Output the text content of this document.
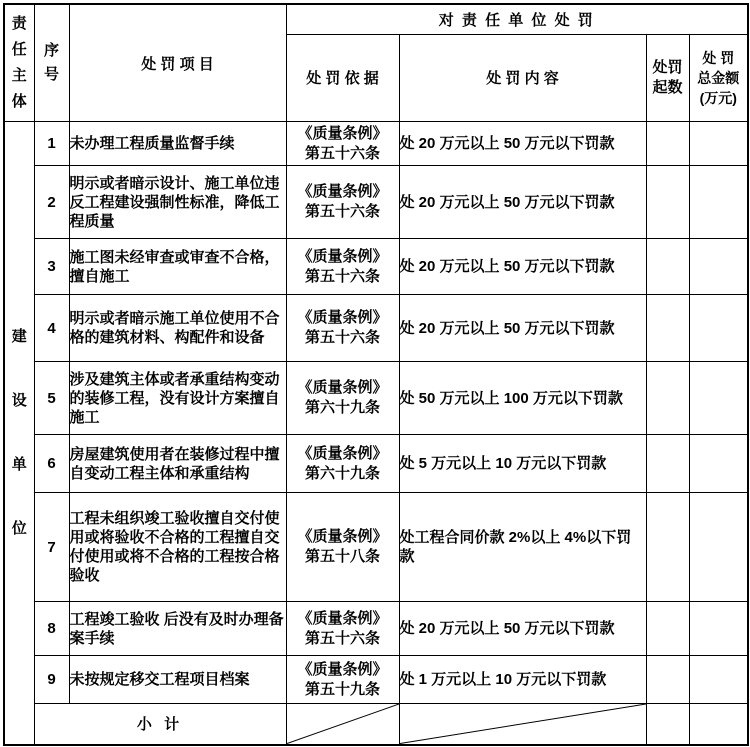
责任主体	序号	处 罚 项 目	对 责 任 单 位 处 罚			
			处 罚 依 据	处 罚 内 容	处罚起数	处 罚
总金额
(万元)

建设单位	1	未办理工程质量监督手续	《质量条例》
第五十六条	处 20 万元以上 50 万元以下罚款		
	2	明示或者暗示设计、施工单位违反工程建设强制性标准，降低工程质量	《质量条例》
第五十六条	处 20 万元以上 50 万元以下罚款		
	3	施工图未经审查或审查不合格，擅自施工	《质量条例》
第五十六条	处 20 万元以上 50 万元以下罚款		
	4	明示或者暗示施工单位使用不合格的建筑材料、构配件和设备	《质量条例》
第五十六条	处 20 万元以上 50 万元以下罚款		
	5	涉及建筑主体或者承重结构变动的装修工程，没有设计方案擅自施工	《质量条例》
第六十九条	处 50 万元以上 100 万元以下罚款		
	6	房屋建筑使用者在装修过程中擅自变动工程主体和承重结构	《质量条例》
第六十九条	处 5 万元以上 10 万元以下罚款		
	7	工程未组织竣工验收擅自交付使用或将验收不合格的工程擅自交付使用或将不合格的工程按合格验收	《质量条例》
第五十八条	处工程合同价款 2%以上 4%以下罚款		
	8	工程竣工验收 后没有及时办理备案手续	《质量条例》
第五十六条	处 20 万元以上 50 万元以下罚款		
	9	未按规定移交工程项目档案	《质量条例》
第五十九条	处 1 万元以上 10 万元以下罚款		
	小 计	
